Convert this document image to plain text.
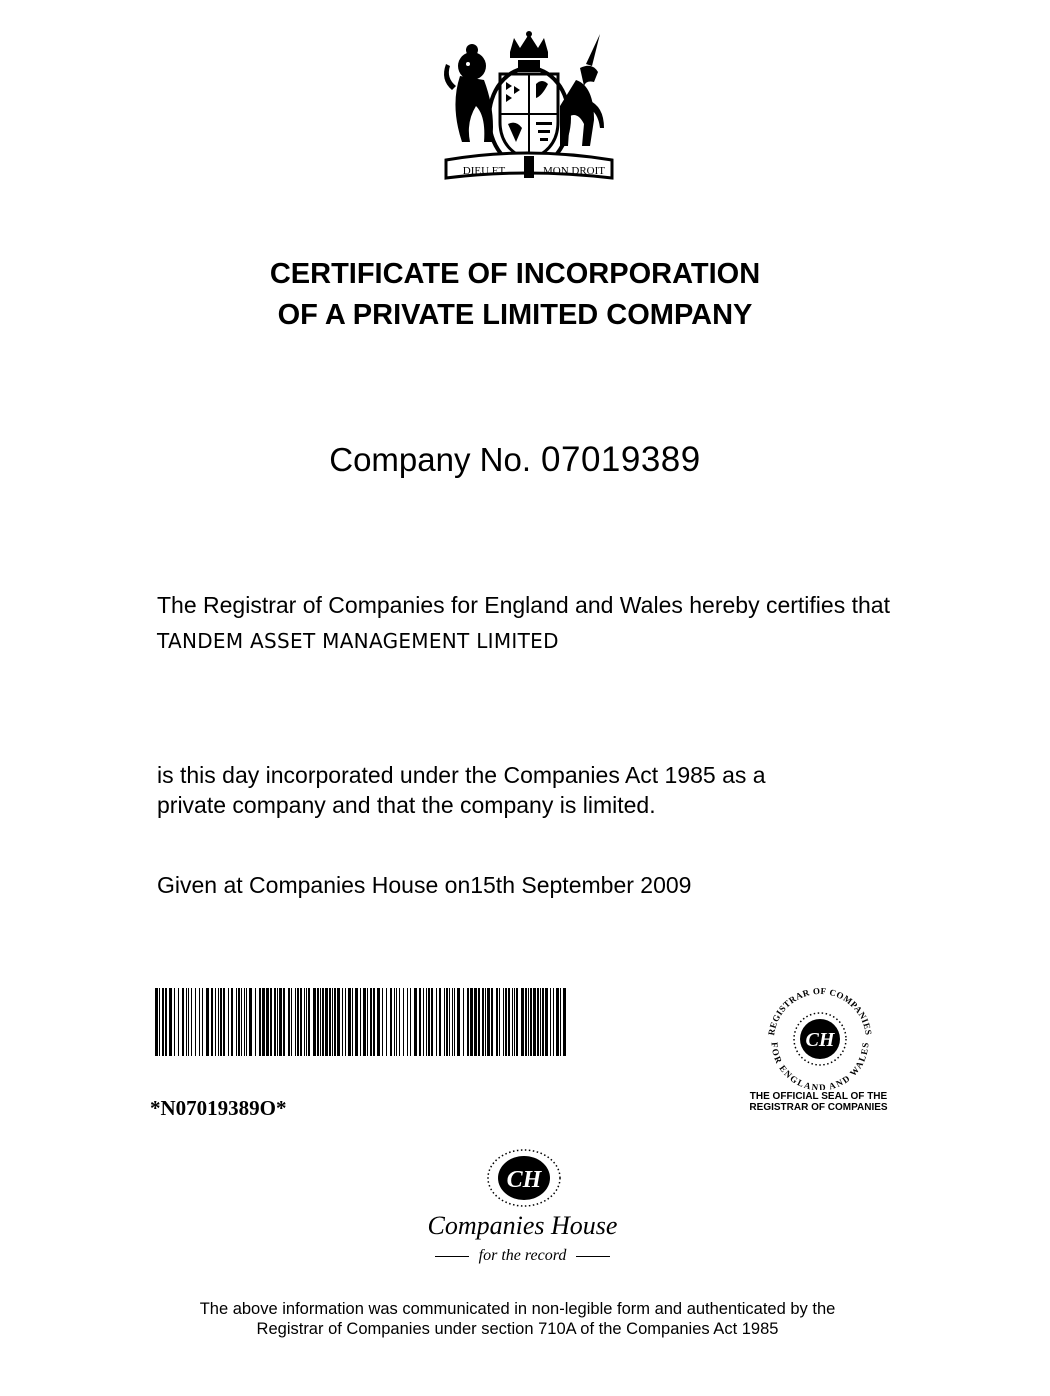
DIEU ET	MON DROIT
CERTIFICATE OF INCORPORATION
OF A PRIVATE LIMITED COMPANY
Company No. 07019389
The Registrar of Companies for England and Wales hereby certifies that
TANDEM ASSET MANAGEMENT LIMITED
is this day incorporated under the Companies Act 1985 as a
private company and that the company is limited.
Given at Companies House on15th September 2009
*N07019389O*
REGISTRAR OF COMPANIES
FOR ENGLAND AND WALES
CH
THE OFFICIAL SEAL OF THE
REGISTRAR OF COMPANIES
CH
Companies House
for the record
The above information was communicated in non-legible form and authenticated by the
Registrar of Companies under section 710A of the Companies Act 1985
